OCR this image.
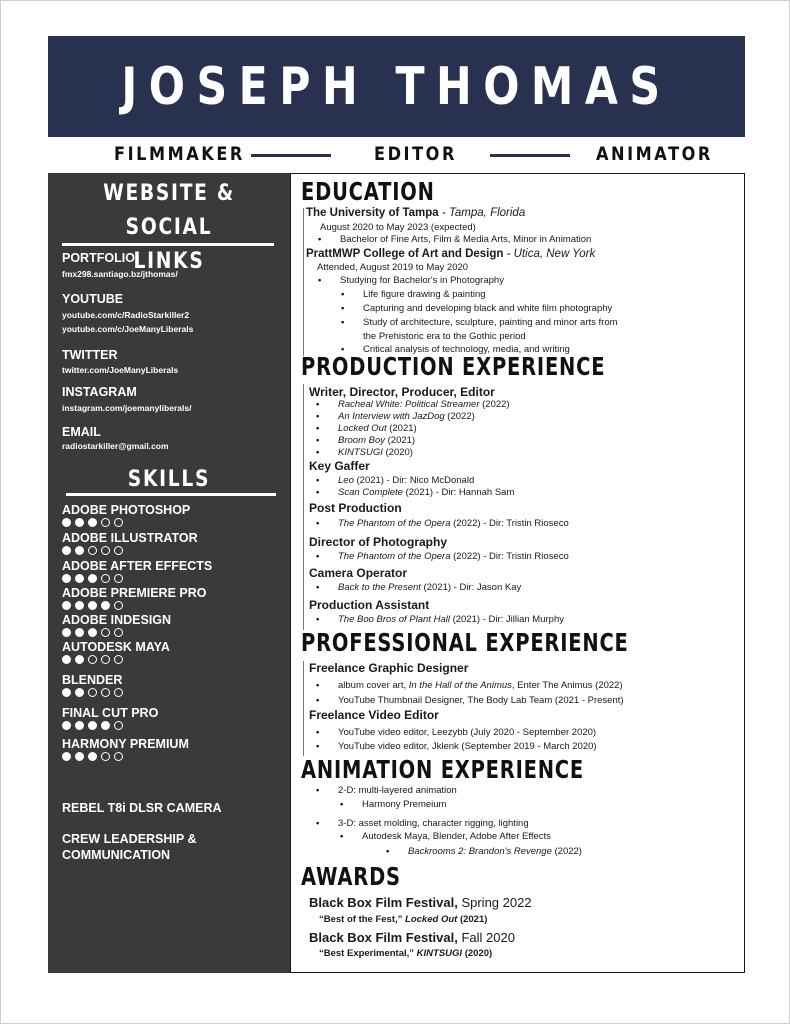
JOSEPH THOMAS
FILMMAKER	EDITOR	ANIMATOR
WEBSITE & SOCIAL
LINKS
PORTFOLIO
fmx298.santiago.bz/jthomas/
YOUTUBE
youtube.com/c/RadioStarkiller2
youtube.com/c/JoeManyLiberals
TWITTER
twitter.com/JoeManyLiberals
INSTAGRAM
instagram.com/joemanyliberals/
EMAIL
radiostarkiller@gmail.com
SKILLS
ADOBE PHOTOSHOP
ADOBE ILLUSTRATOR
ADOBE AFTER EFFECTS
ADOBE PREMIERE PRO
ADOBE INDESIGN
AUTODESK MAYA
BLENDER
FINAL CUT PRO
HARMONY PREMIUM
REBEL T8i DLSR CAMERA
CREW LEADERSHIP &
COMMUNICATION
EDUCATION
The University of Tampa - Tampa, Florida
August 2020 to May 2023 (expected)
• Bachelor of Fine Arts, Film & Media Arts, Minor in Animation
PrattMWP College of Art and Design - Utica, New York
Attended, August 2019 to May 2020
• Studying for Bachelor's in Photography
• Life figure drawing & painting
• Capturing and developing black and white film photography
• Study of architecture, sculpture, painting and minor arts from
the Prehistoric era to the Gothic period
• Critical analysis of technology, media, and writing
PRODUCTION EXPERIENCE
Writer, Director, Producer, Editor
• Racheal White: Political Streamer (2022)
• An Interview with JazDog (2022)
• Locked Out (2021)
• Broom Boy (2021)
• KINTSUGI (2020)
Key Gaffer
• Leo (2021) - Dir: Nico McDonald
• Scan Complete (2021) - Dir: Hannah Sam
Post Production
• The Phantom of the Opera (2022) - Dir: Tristin Rioseco
Director of Photography
• The Phantom of the Opera (2022) - Dir: Tristin Rioseco
Camera Operator
• Back to the Present (2021) - Dir: Jason Kay
Production Assistant
• The Boo Bros of Plant Hall (2021) - Dir: Jillian Murphy
PROFESSIONAL EXPERIENCE
Freelance Graphic Designer
• album cover art, In the Hall of the Animus, Enter The Animus (2022)
• YouTube Thumbnail Designer, The Body Lab Team (2021 - Present)
Freelance Video Editor
• YouTube video editor, Leezybb (July 2020 - September 2020)
• YouTube video editor, Jklenk (September 2019 - March 2020)
ANIMATION EXPERIENCE
• 2-D: multi-layered animation
• Harmony Premeium
• 3-D: asset molding, character rigging, lighting
• Autodesk Maya, Blender, Adobe After Effects
• Backrooms 2: Brandon's Revenge (2022)
AWARDS
Black Box Film Festival, Spring 2022
“Best of the Fest,” Locked Out (2021)
Black Box Film Festival, Fall 2020
“Best Experimental,” KINTSUGI (2020)
